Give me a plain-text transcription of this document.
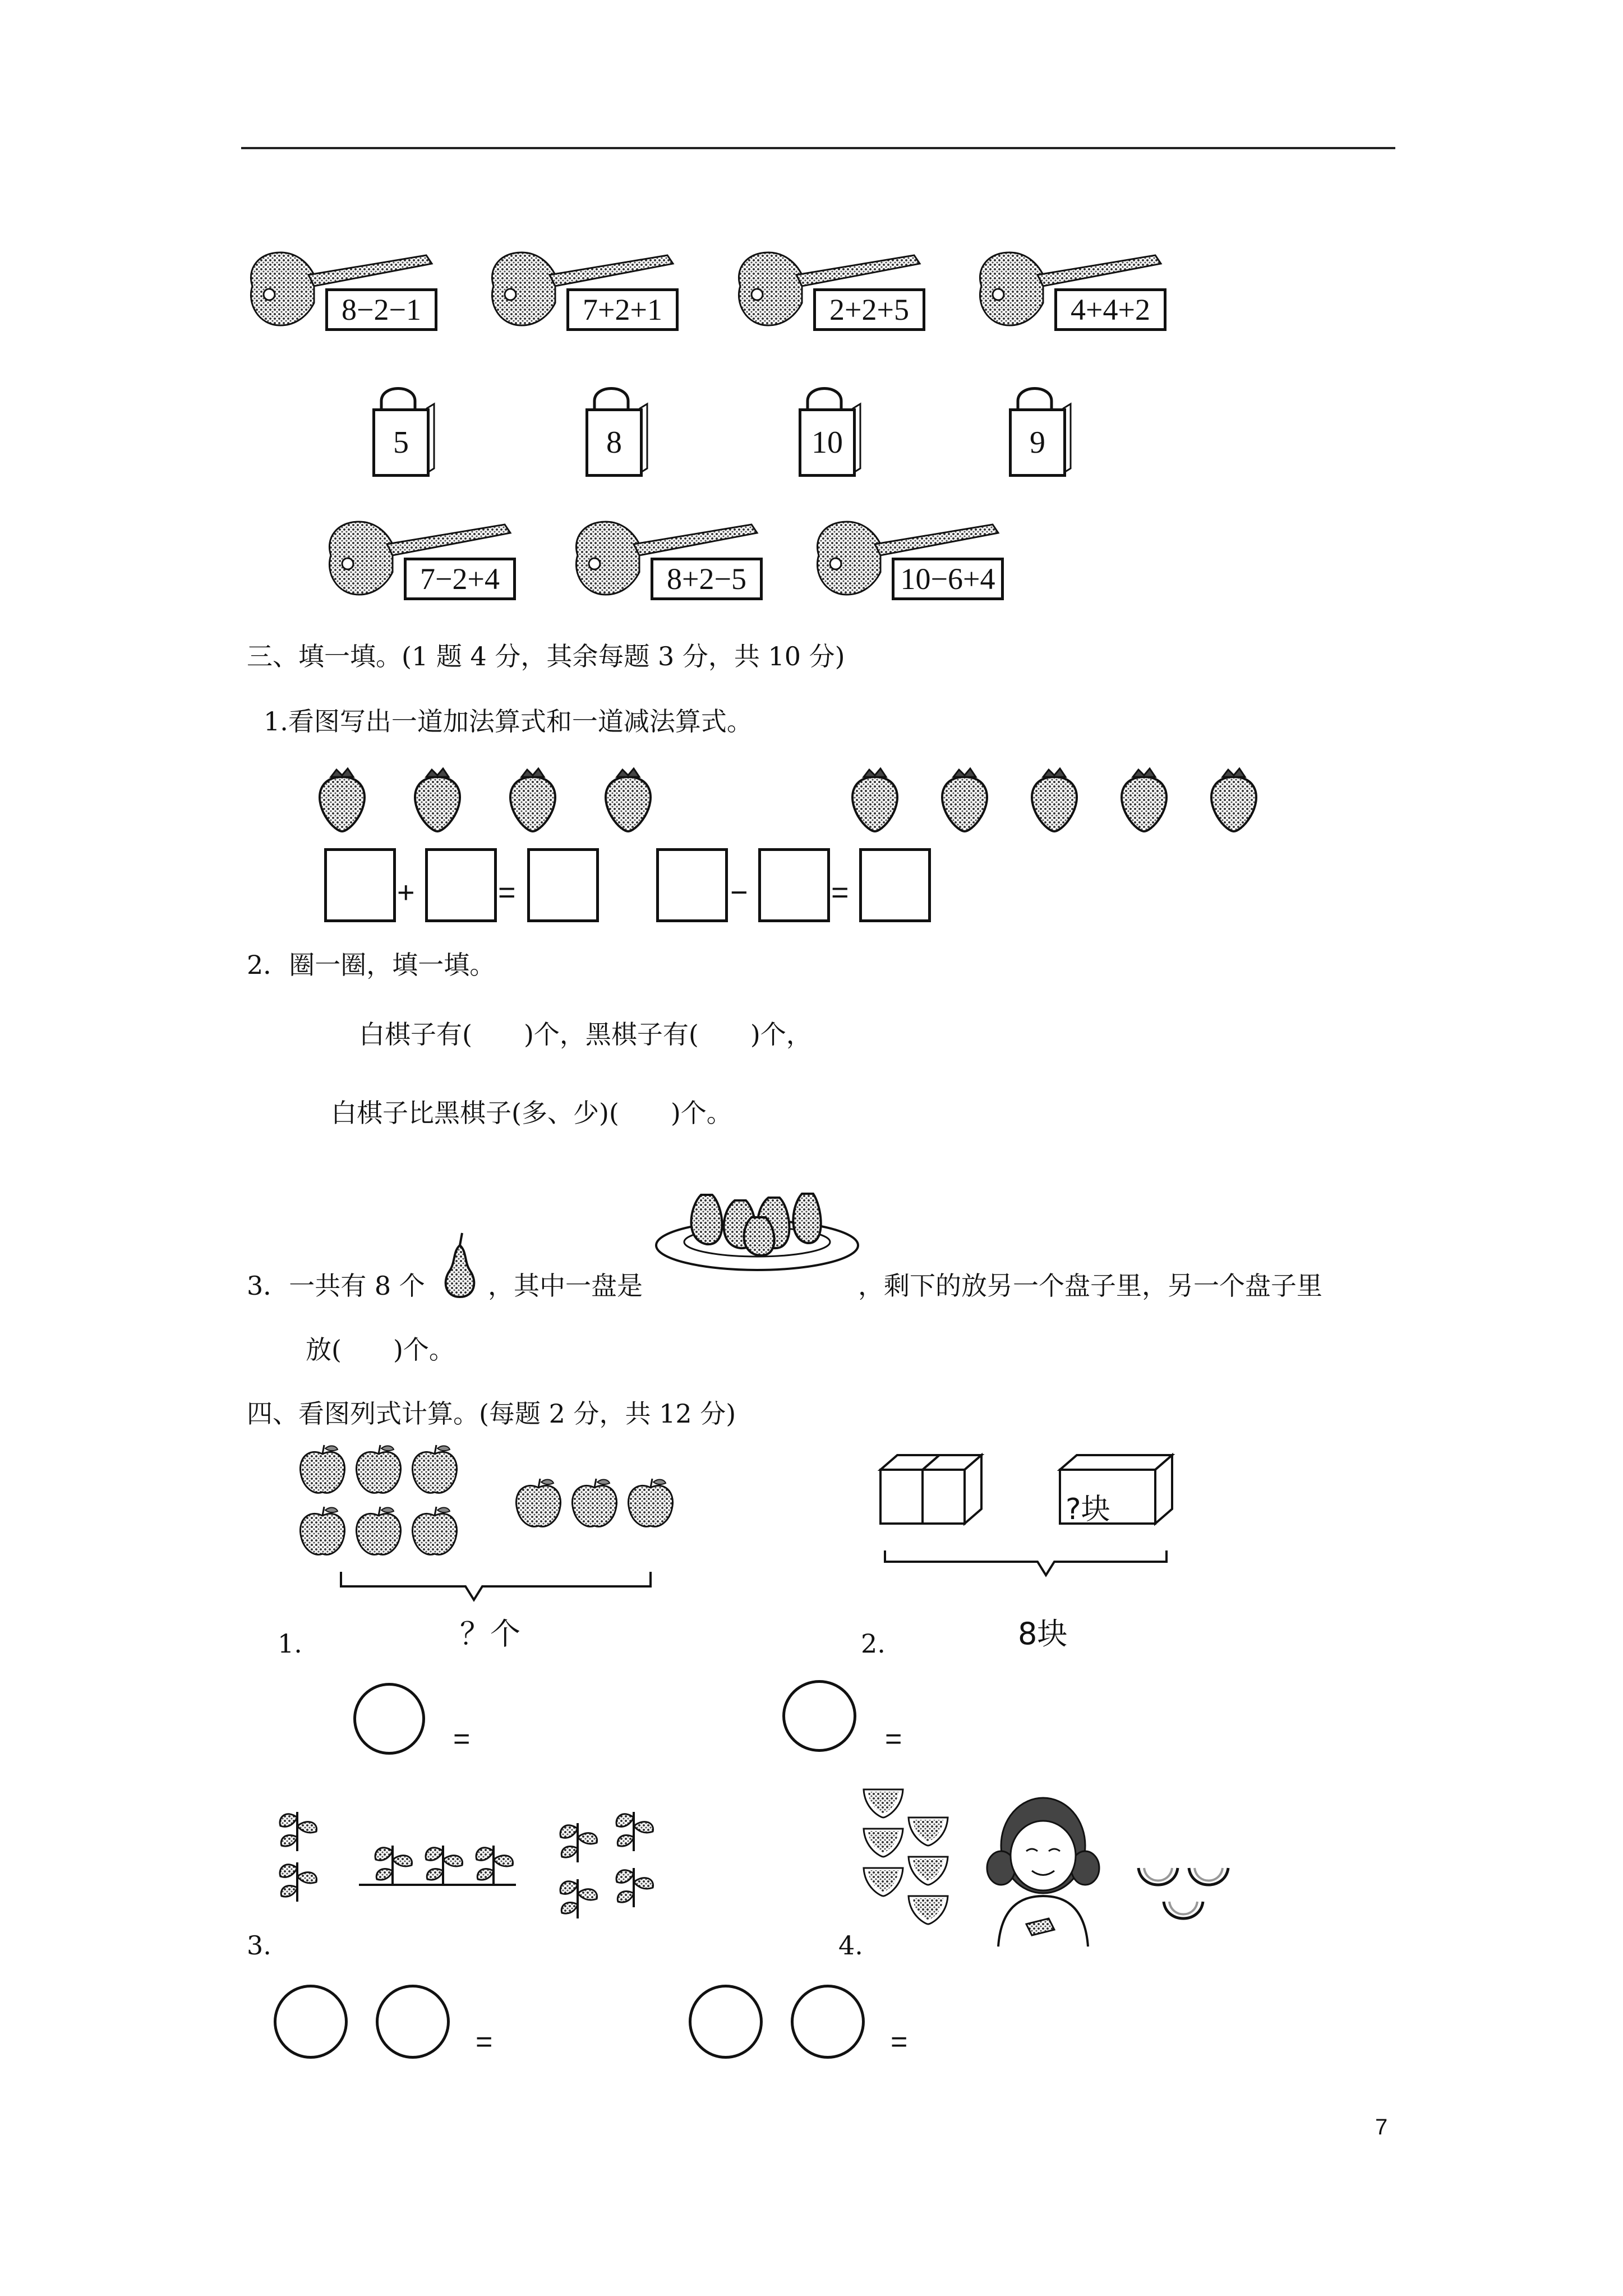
8−2−1	7+2+1	2+2+5	4+4+2
7−2+4	8+2−5	10−6+4
5	8	10	9
三、填一填。(1 题 4 分，其余每题 3 分，共 10 分)
1.看图写出一道加法算式和一道减法算式。
+	=	−	=
2．圈一圈，填一填。
白棋子有(　　)个，黑棋子有(　　)个，
白棋子比黑棋子(多、少)(　　)个。
3．一共有 8 个 ，其中一盘是	，剩下的放另一个盘子里，另一个盘子里
放(　　)个。
四、看图列式计算。(每题 2 分，共 12 分)
1.	？个
=
?块
2.	8块
=
3.
=
4.
=
7
